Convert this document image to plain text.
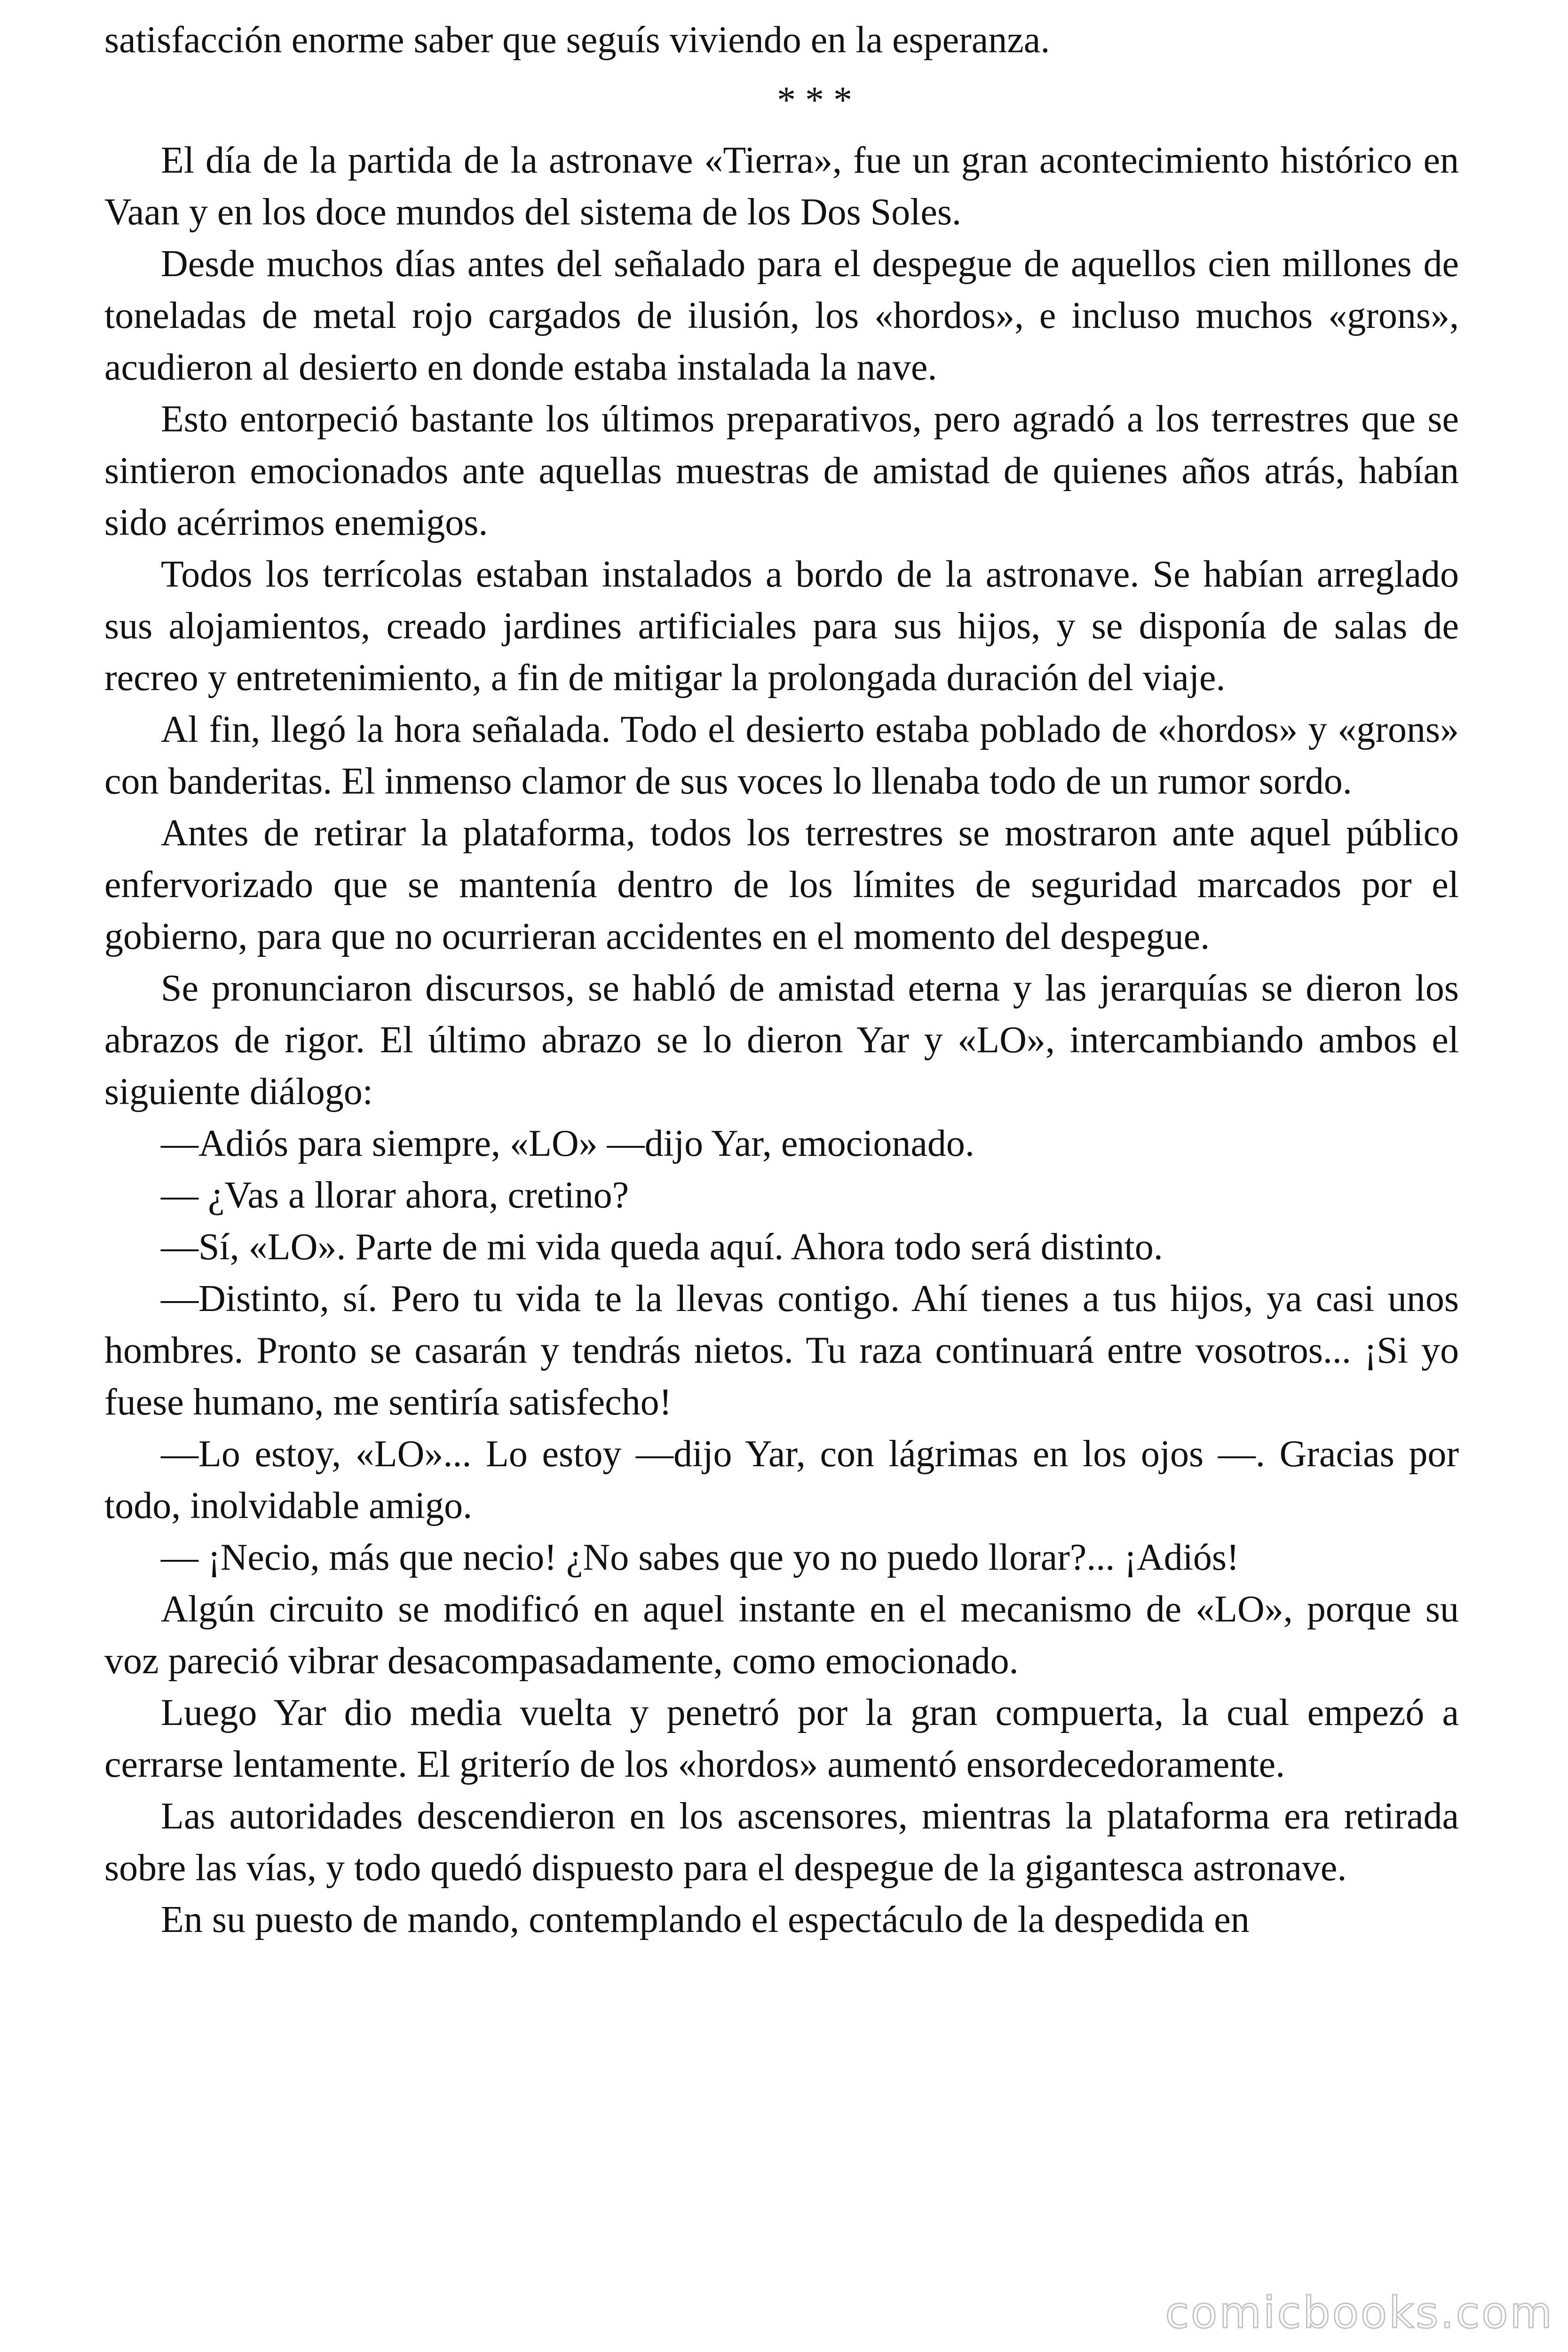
satisfacción enorme saber que seguís viviendo en la esperanza.

* * *

El día de la partida de la astronave «Tierra», fue un gran acontecimiento histórico en Vaan y en los doce mundos del sistema de los Dos Soles.

Desde muchos días antes del señalado para el despegue de aquellos cien millones de toneladas de metal rojo cargados de ilusión, los «hordos», e incluso muchos «grons», acudieron al desierto en donde estaba instalada la nave.

Esto entorpeció bastante los últimos preparativos, pero agradó a los terrestres que se sintieron emocionados ante aquellas muestras de amistad de quienes años atrás, habían sido acérrimos enemigos.

Todos los terrícolas estaban instalados a bordo de la astronave. Se habían arreglado sus alojamientos, creado jardines artificiales para sus hijos, y se disponía de salas de recreo y entretenimiento, a fin de mitigar la prolongada duración del viaje.

Al fin, llegó la hora señalada. Todo el desierto estaba poblado de «hordos» y «grons» con banderitas. El inmenso clamor de sus voces lo llenaba todo de un rumor sordo.

Antes de retirar la plataforma, todos los terrestres se mostraron ante aquel público enfervorizado que se mantenía dentro de los límites de seguridad marcados por el gobierno, para que no ocurrieran accidentes en el momento del despegue.

Se pronunciaron discursos, se habló de amistad eterna y las jerarquías se dieron los abrazos de rigor. El último abrazo se lo dieron Yar y «LO», intercambiando ambos el siguiente diálogo:

—Adiós para siempre, «LO» —dijo Yar, emocionado.

— ¿Vas a llorar ahora, cretino?

—Sí, «LO». Parte de mi vida queda aquí. Ahora todo será distinto.

—Distinto, sí. Pero tu vida te la llevas contigo. Ahí tienes a tus hijos, ya casi unos hombres. Pronto se casarán y tendrás nietos. Tu raza continuará entre vosotros... ¡Si yo fuese humano, me sentiría satisfecho!

—Lo estoy, «LO»... Lo estoy —dijo Yar, con lágrimas en los ojos —. Gracias por todo, inolvidable amigo.

— ¡Necio, más que necio! ¿No sabes que yo no puedo llorar?... ¡Adiós!

Algún circuito se modificó en aquel instante en el mecanismo de «LO», porque su voz pareció vibrar desacompasadamente, como emocionado.

Luego Yar dio media vuelta y penetró por la gran compuerta, la cual empezó a cerrarse lentamente. El griterío de los «hordos» aumentó ensordecedoramente.

Las autoridades descendieron en los ascensores, mientras la plataforma era retirada sobre las vías, y todo quedó dispuesto para el despegue de la gigantesca astronave.

En su puesto de mando, contemplando el espectáculo de la despedida en

comicbooks.com
